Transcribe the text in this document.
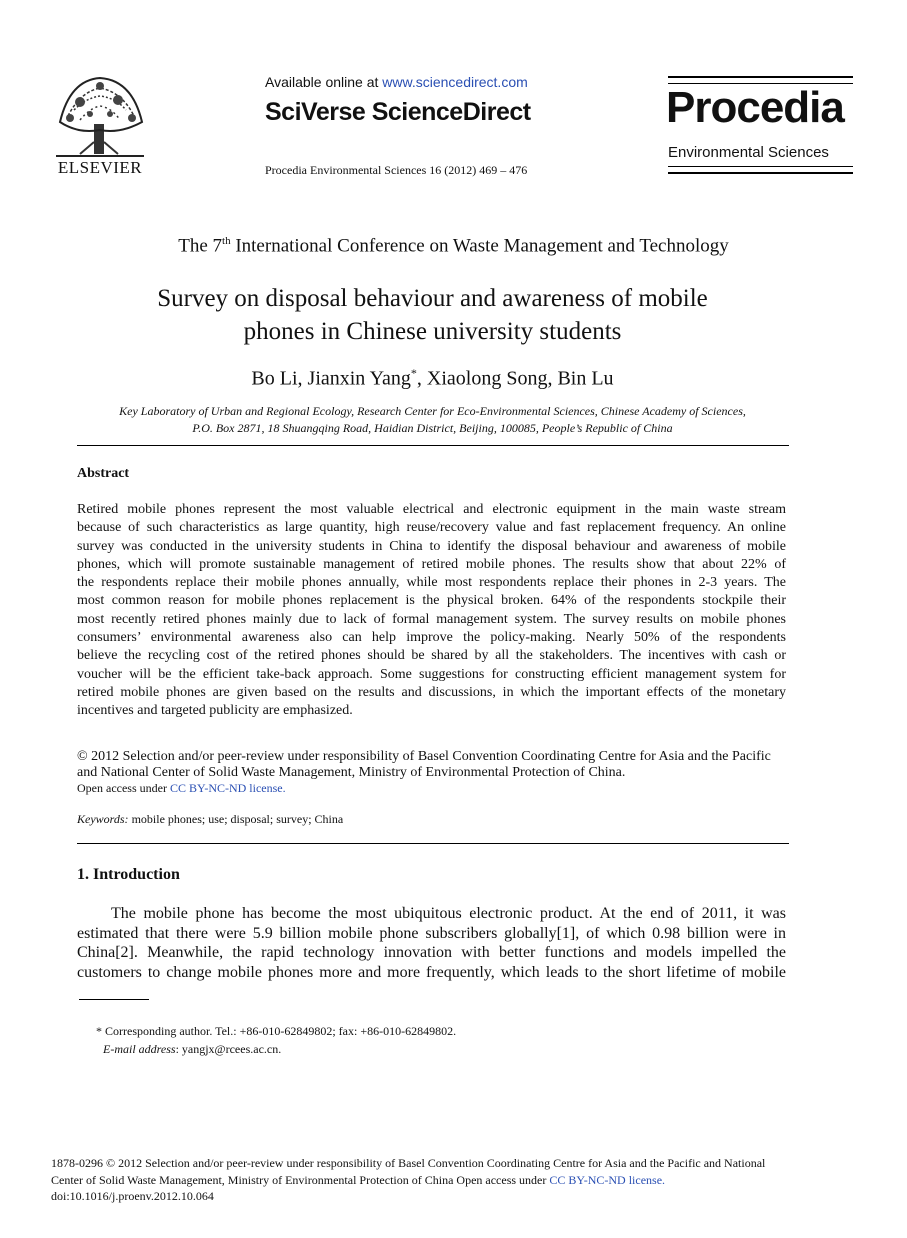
ELSEVIER
Available online at www.sciencedirect.com
SciVerse ScienceDirect
Procedia Environmental Sciences 16 (2012) 469 – 476
Procedia
Environmental Sciences
The 7th International Conference on Waste Management and Technology
Survey on disposal behaviour and awareness of mobile
phones in Chinese university students
Bo Li, Jianxin Yang*, Xiaolong Song, Bin Lu
Key Laboratory of Urban and Regional Ecology, Research Center for Eco-Environmental Sciences, Chinese Academy of Sciences,
P.O. Box 2871, 18 Shuangqing Road, Haidian District, Beijing, 100085, People’s Republic of China
Abstract
Retired mobile phones represent the most valuable electrical and electronic equipment in the main waste stream
because of such characteristics as large quantity, high reuse/recovery value and fast replacement frequency. An online
survey was conducted in the university students in China to identify the disposal behaviour and awareness of mobile
phones, which will promote sustainable management of retired mobile phones. The results show that about 22% of
the respondents replace their mobile phones annually, while most respondents replace their phones in 2-3 years. The
most common reason for mobile phones replacement is the physical broken. 64% of the respondents stockpile their
most recently retired phones mainly due to lack of formal management system. The survey results on mobile phones
consumers’ environmental awareness also can help improve the policy-making. Nearly 50% of the respondents
believe the recycling cost of the retired phones should be shared by all the stakeholders. The incentives with cash or
voucher will be the efficient take-back approach. Some suggestions for constructing efficient management system for
retired mobile phones are given based on the results and discussions, in which the important effects of the monetary
incentives and targeted publicity are emphasized.
© 2012 Selection and/or peer-review under responsibility of Basel Convention Coordinating Centre for Asia and the Pacific
and National Center of Solid Waste Management, Ministry of Environmental Protection of China.
Open access under CC BY-NC-ND license.
Keywords: mobile phones; use; disposal; survey; China
1. Introduction
The mobile phone has become the most ubiquitous electronic product. At the end of 2011, it was
estimated that there were 5.9 billion mobile phone subscribers globally[1], of which 0.98 billion were in
China[2]. Meanwhile, the rapid technology innovation with better functions and models impelled the
customers to change mobile phones more and more frequently, which leads to the short lifetime of mobile
* Corresponding author. Tel.: +86-010-62849802; fax: +86-010-62849802.
E-mail address: yangjx@rcees.ac.cn.
1878-0296 © 2012 Selection and/or peer-review under responsibility of Basel Convention Coordinating Centre for Asia and the Pacific and National
Center of Solid Waste Management, Ministry of Environmental Protection of China Open access under CC BY-NC-ND license.
doi:10.1016/j.proenv.2012.10.064
